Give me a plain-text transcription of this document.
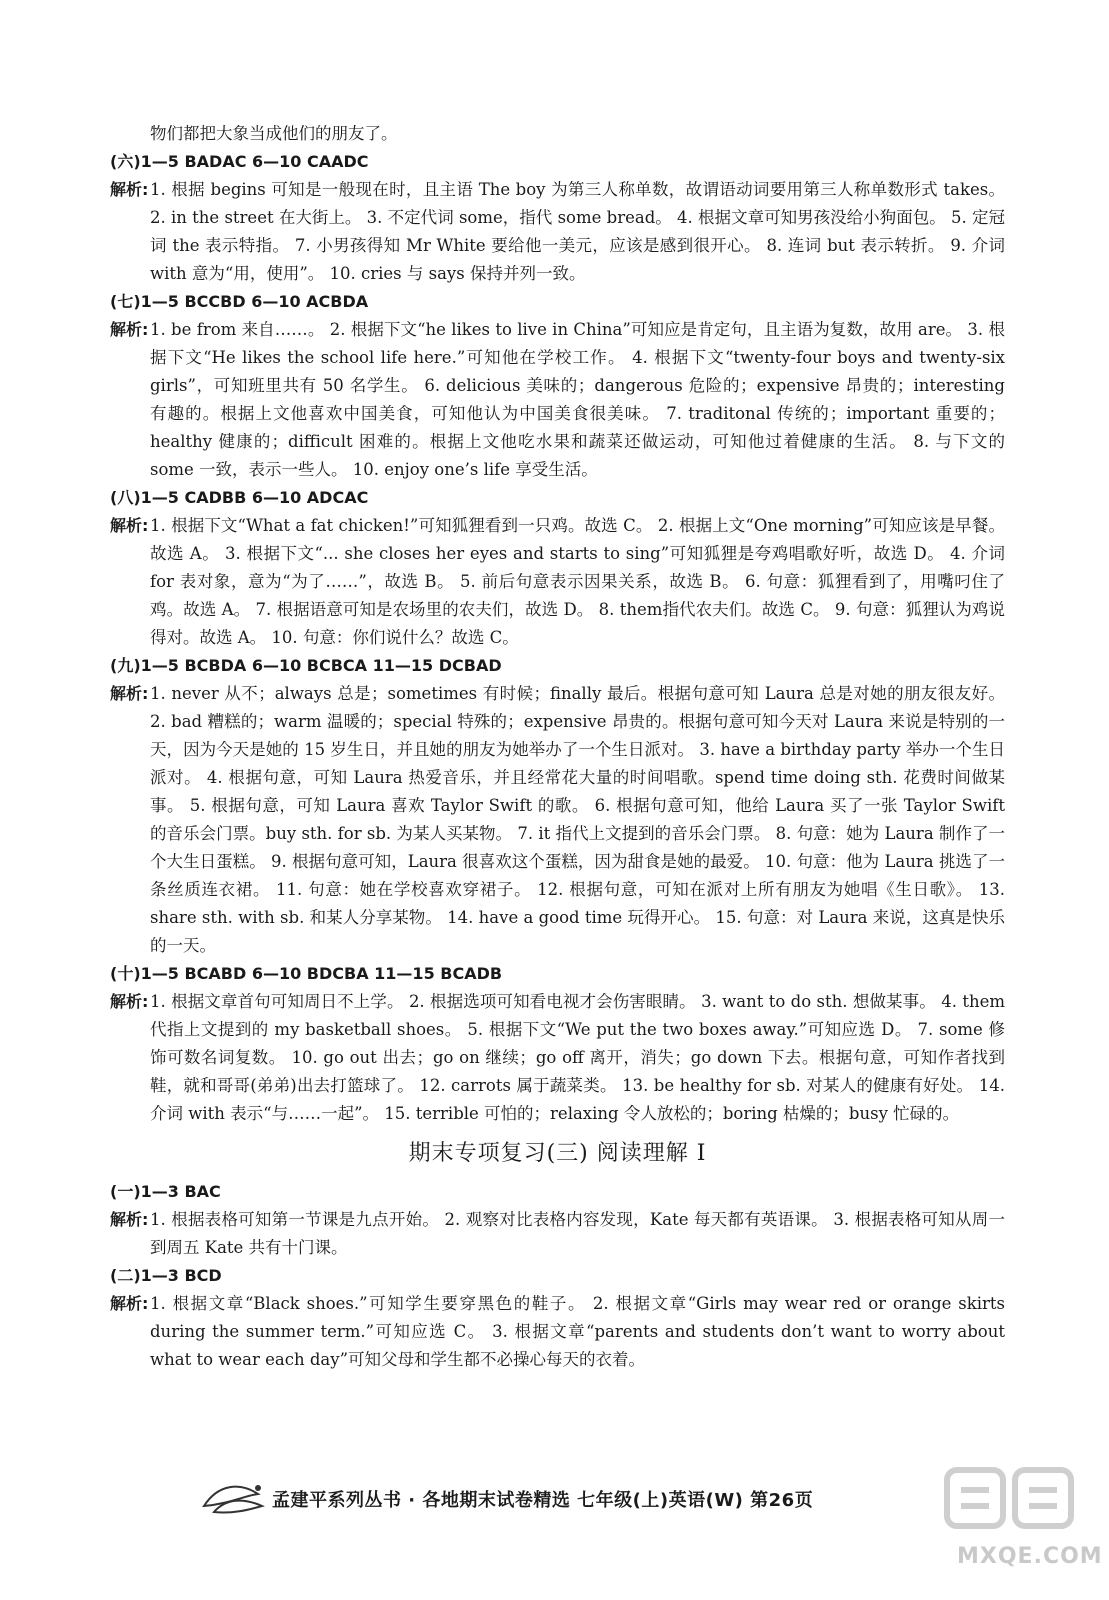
物们都把大象当成他们的朋友了。

(六)1—5 BADAC 6—10 CAADC
解析: 1. 根据 begins 可知是一般现在时，且主语 The boy 为第三人称单数，故谓语动词要用第三人称单数形式 takes。 2. in the street 在大街上。 3. 不定代词 some，指代 some bread。 4. 根据文章可知男孩没给小狗面包。 5. 定冠词 the 表示特指。 7. 小男孩得知 Mr White 要给他一美元，应该是感到很开心。 8. 连词 but 表示转折。 9. 介词 with 意为“用，使用”。 10. cries 与 says 保持并列一致。
(七)1—5 BCCBD 6—10 ACBDA
解析: 1. be from 来自……。 2. 根据下文“he likes to live in China”可知应是肯定句，且主语为复数，故用 are。 3. 根据下文“He likes the school life here.”可知他在学校工作。 4. 根据下文“twenty-four boys and twenty-six girls”，可知班里共有 50 名学生。 6. delicious 美味的；dangerous 危险的；expensive 昂贵的；interesting 有趣的。根据上文他喜欢中国美食，可知他认为中国美食很美味。 7. traditonal 传统的；important 重要的；healthy 健康的；difficult 困难的。根据上文他吃水果和蔬菜还做运动，可知他过着健康的生活。 8. 与下文的 some 一致，表示一些人。 10. enjoy one’s life 享受生活。
(八)1—5 CADBB 6—10 ADCAC
解析: 1. 根据下文“What a fat chicken!”可知狐狸看到一只鸡。故选 C。 2. 根据上文“One morning”可知应该是早餐。故选 A。 3. 根据下文“... she closes her eyes and starts to sing”可知狐狸是夸鸡唱歌好听，故选 D。 4. 介词 for 表对象，意为“为了……”，故选 B。 5. 前后句意表示因果关系，故选 B。 6. 句意：狐狸看到了，用嘴叼住了鸡。故选 A。 7. 根据语意可知是农场里的农夫们，故选 D。 8. them指代农夫们。故选 C。 9. 句意：狐狸认为鸡说得对。故选 A。 10. 句意：你们说什么？故选 C。
(九)1—5 BCBDA 6—10 BCBCA 11—15 DCBAD
解析: 1. never 从不；always 总是；sometimes 有时候；finally 最后。根据句意可知 Laura 总是对她的朋友很友好。 2. bad 糟糕的；warm 温暖的；special 特殊的；expensive 昂贵的。根据句意可知今天对 Laura 来说是特别的一天，因为今天是她的 15 岁生日，并且她的朋友为她举办了一个生日派对。 3. have a birthday party 举办一个生日派对。 4. 根据句意，可知 Laura 热爱音乐，并且经常花大量的时间唱歌。spend time doing sth. 花费时间做某事。 5. 根据句意，可知 Laura 喜欢 Taylor Swift 的歌。 6. 根据句意可知，他给 Laura 买了一张 Taylor Swift 的音乐会门票。buy sth. for sb. 为某人买某物。 7. it 指代上文提到的音乐会门票。 8. 句意：她为 Laura 制作了一个大生日蛋糕。 9. 根据句意可知，Laura 很喜欢这个蛋糕，因为甜食是她的最爱。 10. 句意：他为 Laura 挑选了一条丝质连衣裙。 11. 句意：她在学校喜欢穿裙子。 12. 根据句意，可知在派对上所有朋友为她唱《生日歌》。 13. share sth. with sb. 和某人分享某物。 14. have a good time 玩得开心。 15. 句意：对 Laura 来说，这真是快乐的一天。
(十)1—5 BCABD 6—10 BDCBA 11—15 BCADB
解析: 1. 根据文章首句可知周日不上学。 2. 根据选项可知看电视才会伤害眼睛。 3. want to do sth. 想做某事。 4. them 代指上文提到的 my basketball shoes。 5. 根据下文“We put the two boxes away.”可知应选 D。 7. some 修饰可数名词复数。 10. go out 出去；go on 继续；go off 离开，消失；go down 下去。根据句意，可知作者找到鞋，就和哥哥(弟弟)出去打篮球了。 12. carrots 属于蔬菜类。 13. be healthy for sb. 对某人的健康有好处。 14. 介词 with 表示“与……一起”。 15. terrible 可怕的；relaxing 令人放松的；boring 枯燥的；busy 忙碌的。
期末专项复习(三) 阅读理解 I
(一)1—3 BAC
解析: 1. 根据表格可知第一节课是九点开始。 2. 观察对比表格内容发现，Kate 每天都有英语课。 3. 根据表格可知从周一到周五 Kate 共有十门课。
(二)1—3 BCD
解析: 1. 根据文章“Black shoes.”可知学生要穿黑色的鞋子。 2. 根据文章“Girls may wear red or orange skirts during the summer term.”可知应选 C。 3. 根据文章“parents and students don’t want to worry about what to wear each day”可知父母和学生都不必操心每天的衣着。
孟建平系列丛书 · 各地期末试卷精选 七年级(上)英语(W) 第26页
MXQE.COM
